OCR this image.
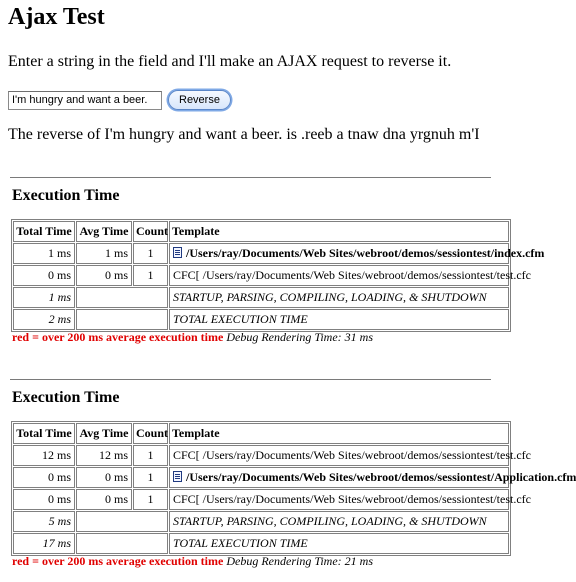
Ajax Test
Enter a string in the field and I'll make an AJAX request to reverse it.
I'm hungry and want a beer.
Reverse
The reverse of I'm hungry and want a beer. is .reeb a tnaw dna yrgnuh m'I
Execution Time
Total Time	Avg Time	Count	Template
1 ms	1 ms	1	/Users/ray/Documents/Web Sites/webroot/demos/sessiontest/index.cfm
0 ms	0 ms	1	CFC[ /Users/ray/Documents/Web Sites/webroot/demos/sessiontest/test.cfc
1 ms			STARTUP, PARSING, COMPILING, LOADING, & SHUTDOWN
2 ms			TOTAL EXECUTION TIME
red = over 200 ms average execution time Debug Rendering Time: 31 ms
Execution Time
Total Time	Avg Time	Count	Template
12 ms	12 ms	1	CFC[ /Users/ray/Documents/Web Sites/webroot/demos/sessiontest/test.cfc
0 ms	0 ms	1	/Users/ray/Documents/Web Sites/webroot/demos/sessiontest/Application.cfm
0 ms	0 ms	1	CFC[ /Users/ray/Documents/Web Sites/webroot/demos/sessiontest/test.cfc
5 ms			STARTUP, PARSING, COMPILING, LOADING, & SHUTDOWN
17 ms			TOTAL EXECUTION TIME
red = over 200 ms average execution time Debug Rendering Time: 21 ms
